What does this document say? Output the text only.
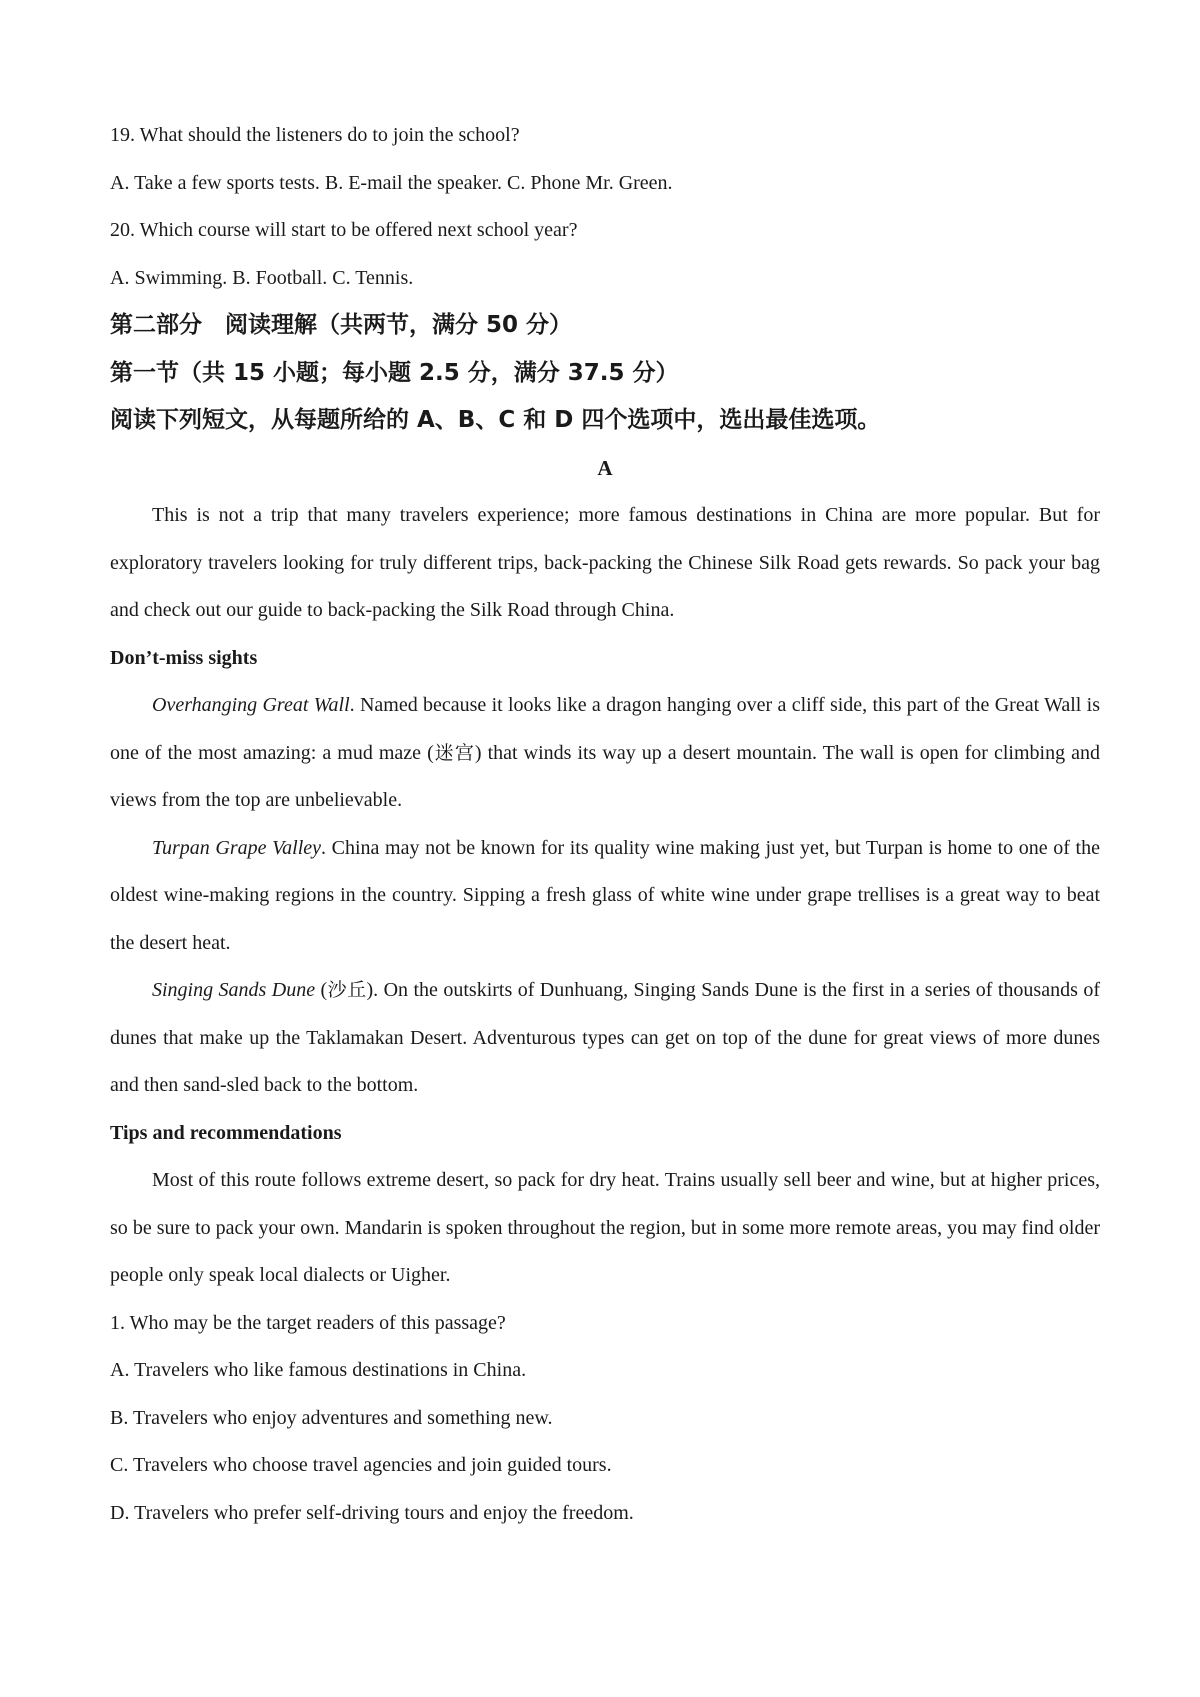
19. What should the listeners do to join the school?

A. Take a few sports tests. B. E-mail the speaker. C. Phone Mr. Green.

20. Which course will start to be offered next school year?

A. Swimming. B. Football. C. Tennis.

第二部分　阅读理解（共两节，满分 50 分）

第一节（共 15 小题；每小题 2.5 分，满分 37.5 分）

阅读下列短文，从每题所给的 A、B、C 和 D 四个选项中，选出最佳选项。

A

This is not a trip that many travelers experience; more famous destinations in China are more popular. But for exploratory travelers looking for truly different trips, back-packing the Chinese Silk Road gets rewards. So pack your bag and check out our guide to back-packing the Silk Road through China.

Don’t-miss sights

Overhanging Great Wall. Named because it looks like a dragon hanging over a cliff side, this part of the Great Wall is one of the most amazing: a mud maze (迷宫) that winds its way up a desert mountain. The wall is open for climbing and views from the top are unbelievable.

Turpan Grape Valley. China may not be known for its quality wine making just yet, but Turpan is home to one of the oldest wine-making regions in the country. Sipping a fresh glass of white wine under grape trellises is a great way to beat the desert heat.

Singing Sands Dune (沙丘). On the outskirts of Dunhuang, Singing Sands Dune is the first in a series of thousands of dunes that make up the Taklamakan Desert. Adventurous types can get on top of the dune for great views of more dunes and then sand-sled back to the bottom.

Tips and recommendations

Most of this route follows extreme desert, so pack for dry heat. Trains usually sell beer and wine, but at higher prices, so be sure to pack your own. Mandarin is spoken throughout the region, but in some more remote areas, you may find older people only speak local dialects or Uigher.

1. Who may be the target readers of this passage?

A. Travelers who like famous destinations in China.

B. Travelers who enjoy adventures and something new.

C. Travelers who choose travel agencies and join guided tours.

D. Travelers who prefer self-driving tours and enjoy the freedom.
